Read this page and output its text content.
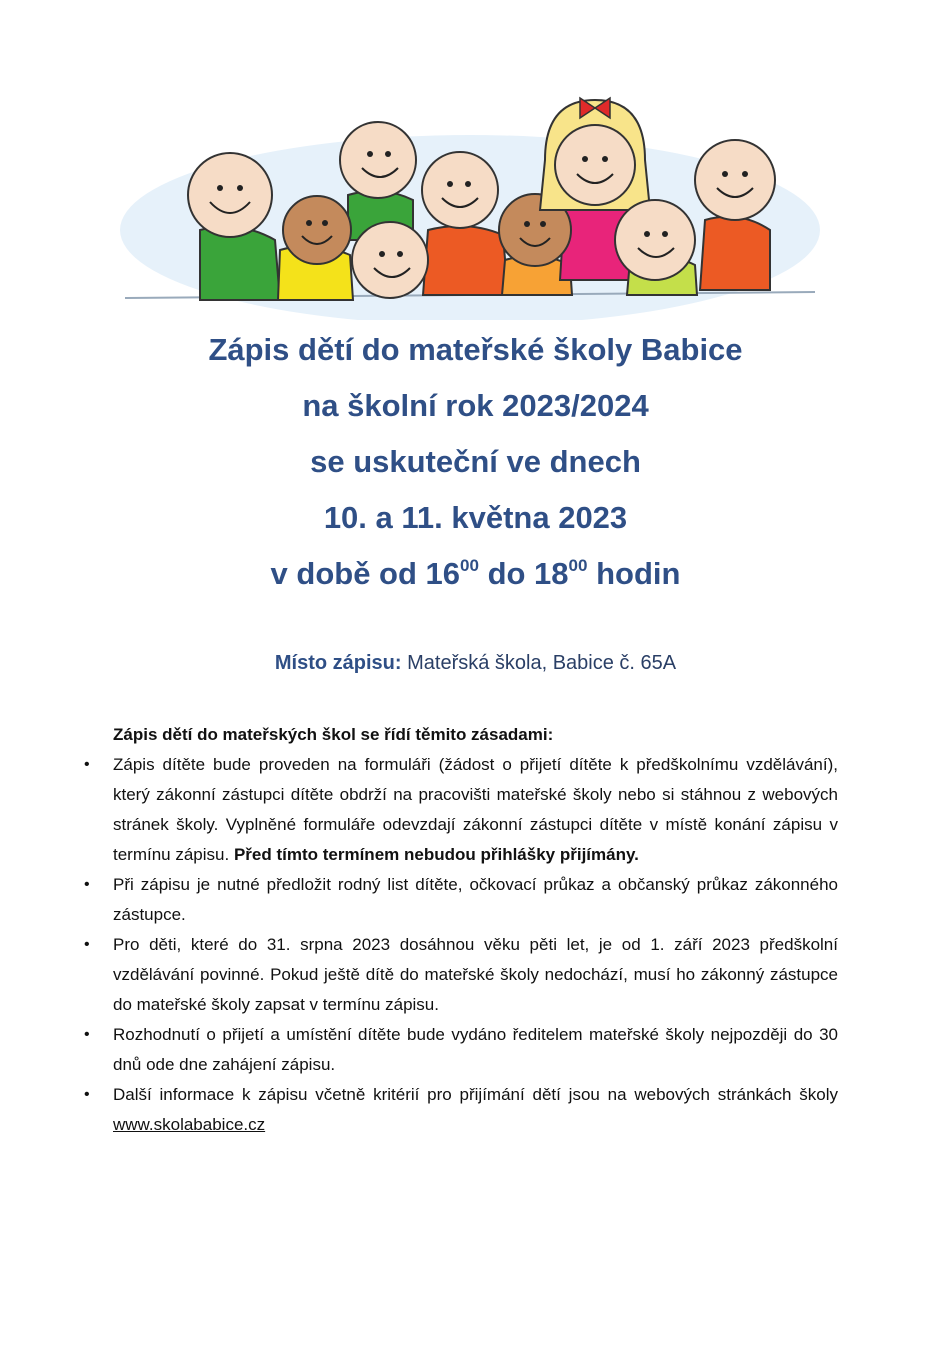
Zápis dětí do mateřské školy Babice
na školní rok 2023/2024
se uskuteční ve dnech
10. a 11. května 2023
v době od $16^{00}$ do $18^{00}$ hodin
Místo zápisu: Mateřská škola, Babice č. 65A
Zápis dětí do mateřských škol se řídí těmito zásadami:
• Zápis dítěte bude proveden na formuláři (žádost o přijetí dítěte k předškolnímu vzdělávání), který zákonní zástupci dítěte obdrží na pracovišti mateřské školy nebo si stáhnou z webových stránek školy. Vyplněné formuláře odevzdají zákonní zástupci dítěte v místě konání zápisu v termínu zápisu. Před tímto termínem nebudou přihlášky přijímány.
• Při zápisu je nutné předložit rodný list dítěte, očkovací průkaz a občanský průkaz zákonného zástupce.
• Pro děti, které do 31. srpna 2023 dosáhnou věku pěti let, je od 1. září 2023 předškolní vzdělávání povinné. Pokud ještě dítě do mateřské školy nedochází, musí ho zákonný zástupce do mateřské školy zapsat v termínu zápisu.
• Rozhodnutí o přijetí a umístění dítěte bude vydáno ředitelem mateřské školy nejpozději do 30 dnů ode dne zahájení zápisu.
• Další informace k zápisu včetně kritérií pro přijímání dětí jsou na webových stránkách školy www.skolababice.cz
